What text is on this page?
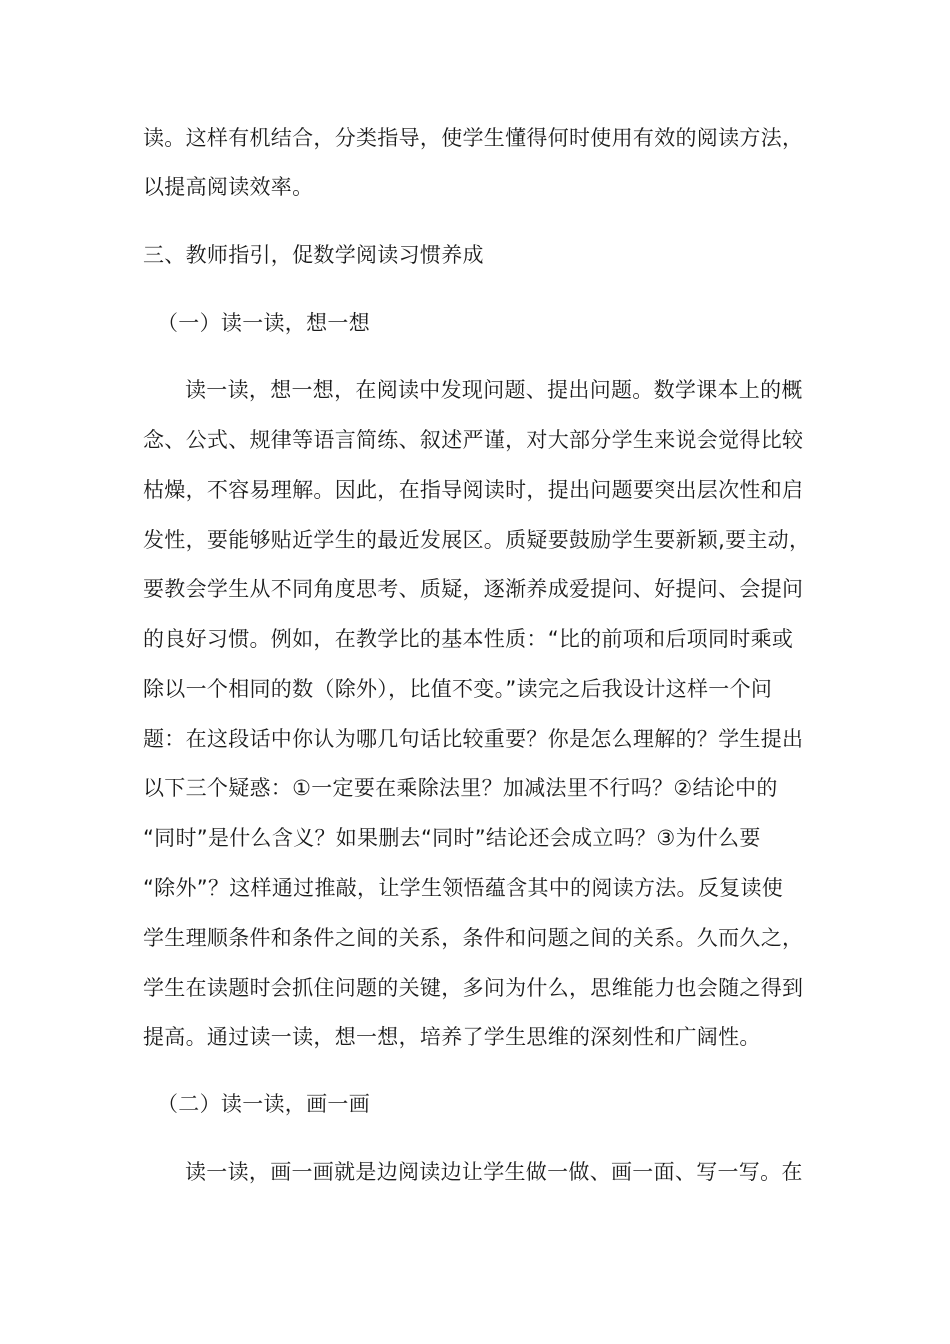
读。这样有机结合，分类指导，使学生懂得何时使用有效的阅读方法，
以提高阅读效率。
三、教师指引，促数学阅读习惯养成
（一）读一读，想一想
读一读，想一想，在阅读中发现问题、提出问题。数学课本上的概
念、公式、规律等语言简练、叙述严谨，对大部分学生来说会觉得比较
枯燥，不容易理解。因此，在指导阅读时，提出问题要突出层次性和启
发性，要能够贴近学生的最近发展区。质疑要鼓励学生要新颖,要主动，
要教会学生从不同角度思考、质疑，逐渐养成爱提问、好提问、会提问
的良好习惯。例如，在教学比的基本性质：“比的前项和后项同时乘或
除以一个相同的数（除外），比值不变。”读完之后我设计这样一个问
题：在这段话中你认为哪几句话比较重要？你是怎么理解的？学生提出
以下三个疑惑：①一定要在乘除法里？加减法里不行吗？②结论中的
“同时”是什么含义？如果删去“同时”结论还会成立吗？③为什么要
“除外”？这样通过推敲，让学生领悟蕴含其中的阅读方法。反复读使
学生理顺条件和条件之间的关系，条件和问题之间的关系。久而久之，
学生在读题时会抓住问题的关键，多问为什么，思维能力也会随之得到
提高。通过读一读，想一想，培养了学生思维的深刻性和广阔性。
（二）读一读，画一画
读一读，画一画就是边阅读边让学生做一做、画一面、写一写。在
